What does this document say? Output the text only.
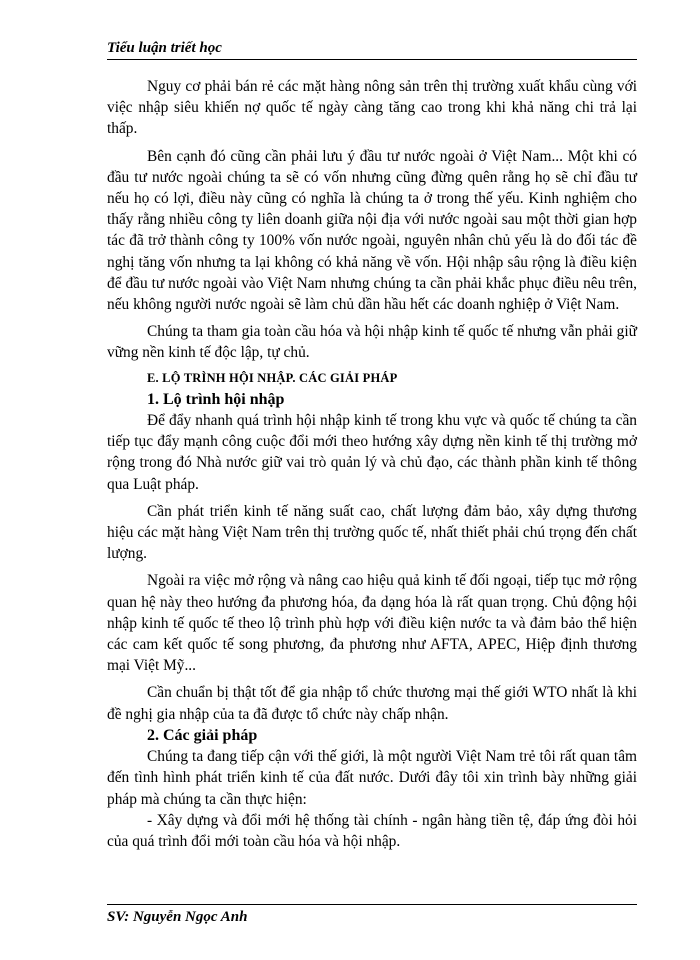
Tiểu luận triết học

Nguy cơ phải bán rẻ các mặt hàng nông sản trên thị trường xuất khẩu cùng với việc nhập siêu khiến nợ quốc tế ngày càng tăng cao trong khi khả năng chi trả lại thấp.

Bên cạnh đó cũng cần phải lưu ý đầu tư nước ngoài ở Việt Nam... Một khi có đầu tư nước ngoài chúng ta sẽ có vốn nhưng cũng đừng quên rằng họ sẽ chỉ đầu tư nếu họ có lợi, điều này cũng có nghĩa là chúng ta ở trong thế yếu. Kinh nghiệm cho thấy rằng nhiều công ty liên doanh giữa nội địa với nước ngoài sau một thời gian hợp tác đã trở thành công ty 100% vốn nước ngoài, nguyên nhân chủ yếu là do đối tác đề nghị tăng vốn nhưng ta lại không có khả năng về vốn. Hội nhập sâu rộng là điều kiện để đầu tư nước ngoài vào Việt Nam nhưng chúng ta cần phải khắc phục điều nêu trên, nếu không người nước ngoài sẽ làm chủ dần hầu hết các doanh nghiệp ở Việt Nam.

Chúng ta tham gia toàn cầu hóa và hội nhập kinh tế quốc tế nhưng vẫn phải giữ vững nền kinh tế độc lập, tự chủ.

E. LỘ TRÌNH HỘI NHẬP. CÁC GIẢI PHÁP
1. Lộ trình hội nhập

Để đẩy nhanh quá trình hội nhập kinh tế trong khu vực và quốc tế chúng ta cần tiếp tục đẩy mạnh công cuộc đổi mới theo hướng xây dựng nền kinh tế thị trường mở rộng trong đó Nhà nước giữ vai trò quản lý và chủ đạo, các thành phần kinh tế thông qua Luật pháp.

Cần phát triển kinh tế năng suất cao, chất lượng đảm bảo, xây dựng thương hiệu các mặt hàng Việt Nam trên thị trường quốc tế, nhất thiết phải chú trọng đến chất lượng.

Ngoài ra việc mở rộng và nâng cao hiệu quả kinh tế đối ngoại, tiếp tục mở rộng quan hệ này theo hướng đa phương hóa, đa dạng hóa là rất quan trọng. Chủ động hội nhập kinh tế quốc tế theo lộ trình phù hợp với điều kiện nước ta và đảm bảo thể hiện các cam kết quốc tế song phương, đa phương như AFTA, APEC, Hiệp định thương mại Việt Mỹ...

Cần chuẩn bị thật tốt để gia nhập tổ chức thương mại thế giới WTO nhất là khi đề nghị gia nhập của ta đã được tổ chức này chấp nhận.

2. Các giải pháp

Chúng ta đang tiếp cận với thế giới, là một người Việt Nam trẻ tôi rất quan tâm đến tình hình phát triển kinh tế của đất nước. Dưới đây tôi xin trình bày những giải pháp mà chúng ta cần thực hiện:

- Xây dựng và đổi mới hệ thống tài chính - ngân hàng tiền tệ, đáp ứng đòi hỏi của quá trình đổi mới toàn cầu hóa và hội nhập.

SV: Nguyễn Ngọc Anh
